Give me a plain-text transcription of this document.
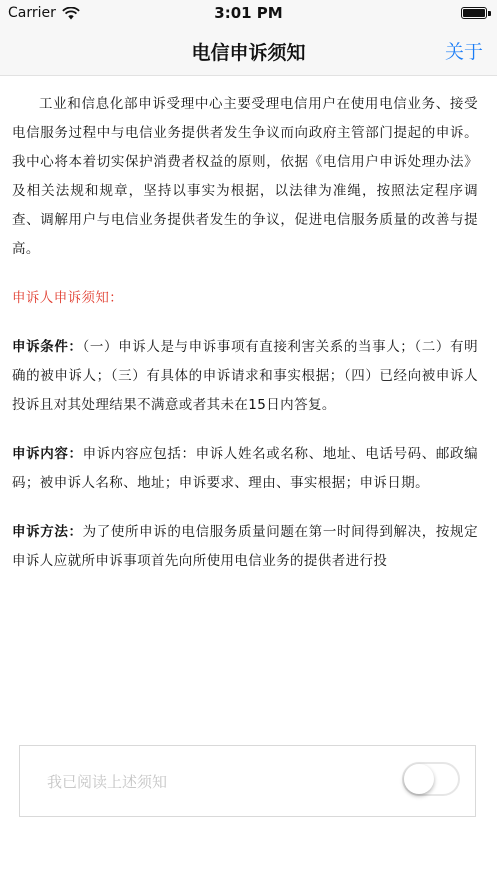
Carrier	3:01 PM
电信申诉须知	关于

工业和信息化部申诉受理中心主要受理电信用户在使用电信业务、接受电信服务过程中与电信业务提供者发生争议而向政府主管部门提起的申诉。我中心将本着切实保护消费者权益的原则，依据《电信用户申诉处理办法》及相关法规和规章，坚持以事实为根据，以法律为准绳，按照法定程序调查、调解用户与电信业务提供者发生的争议，促进电信服务质量的改善与提高。

申诉人申诉须知：

申诉条件：（一）申诉人是与申诉事项有直接利害关系的当事人；（二）有明确的被申诉人；（三）有具体的申诉请求和事实根据；（四）已经向被申诉人投诉且对其处理结果不满意或者其未在15日内答复。

申诉内容：申诉内容应包括：申诉人姓名或名称、地址、电话号码、邮政编码；被申诉人名称、地址；申诉要求、理由、事实根据；申诉日期。

申诉方法：为了使所申诉的电信服务质量问题在第一时间得到解决，按规定申诉人应就所申诉事项首先向所使用电信业务的提供者进行投

我已阅读上述须知
